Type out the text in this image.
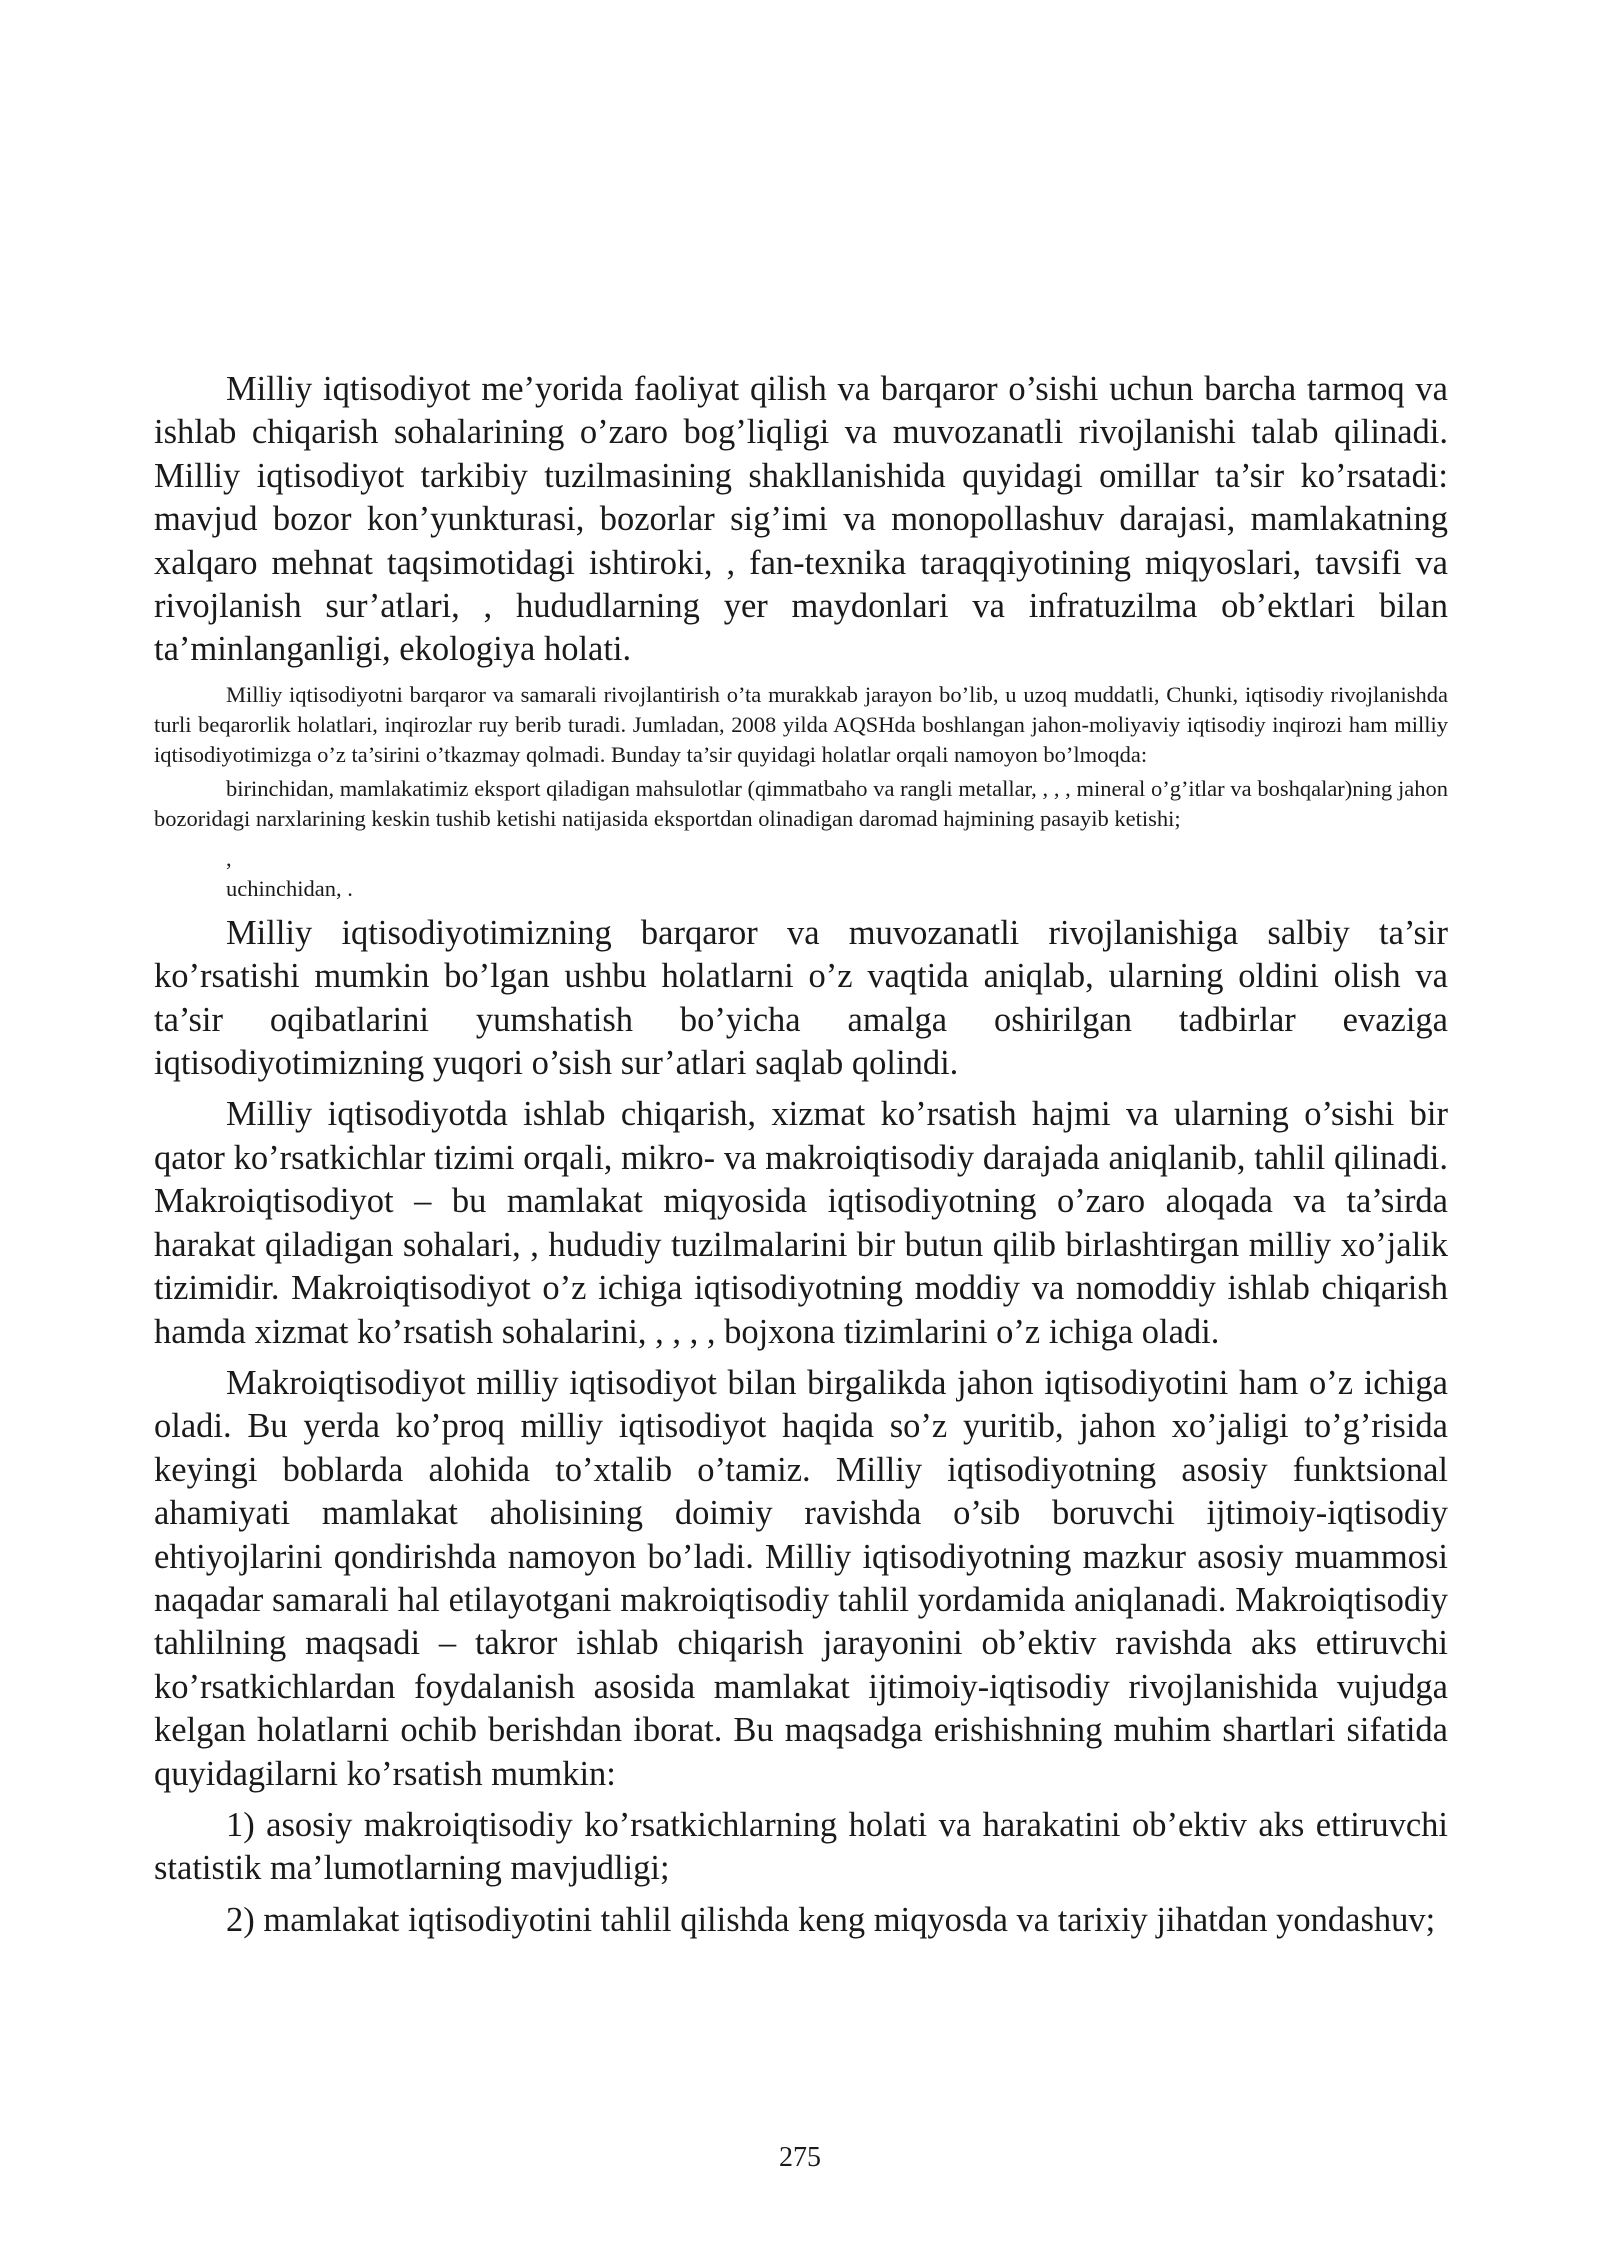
Milliy iqtisodiyot me’yorida faoliyat qilish va barqaror o’sishi uchun barcha tarmoq va ishlab chiqarish sohalarining o’zaro bog’liqligi va muvozanatli rivojlanishi talab qilinadi. Milliy iqtisodiyot tarkibiy tuzilmasining shakllanishida quyidagi omillar ta’sir ko’rsatadi: mavjud bozor kon’yunkturasi, bozorlar sig’imi va monopollashuv darajasi, mamlakatning xalqaro mehnat taqsimotidagi ishtiroki, , fan-texnika taraqqiyotining miqyoslari, tavsifi va rivojlanish sur’atlari, , hududlarning yer maydonlari va infratuzilma ob’ektlari bilan ta’minlanganligi, ekologiya holati.

Milliy iqtisodiyotni barqaror va samarali rivojlantirish o’ta murakkab jarayon bo’lib, u uzoq muddatli, Chunki, iqtisodiy rivojlanishda turli beqarorlik holatlari, inqirozlar ruy berib turadi. Jumladan, 2008 yilda AQSHda boshlangan jahon-moliyaviy iqtisodiy inqirozi ham milliy iqtisodiyotimizga o’z ta’sirini o’tkazmay qolmadi. Bunday ta’sir quyidagi holatlar orqali namoyon bo’lmoqda:

birinchidan, mamlakatimiz eksport qiladigan mahsulotlar (qimmatbaho va rangli metallar, , , , mineral o’g’itlar va boshqalar)ning jahon bozoridagi narxlarining keskin tushib ketishi natijasida eksportdan olinadigan daromad hajmining pasayib ketishi;

,

uchinchidan, .

Milliy iqtisodiyotimizning barqaror va muvozanatli rivojlanishiga salbiy ta’sir ko’rsatishi mumkin bo’lgan ushbu holatlarni o’z vaqtida aniqlab, ularning oldini olish va ta’sir oqibatlarini yumshatish bo’yicha amalga oshirilgan tadbirlar evaziga iqtisodiyotimizning yuqori o’sish sur’atlari saqlab qolindi.

Milliy iqtisodiyotda ishlab chiqarish, xizmat ko’rsatish hajmi va ularning o’sishi bir qator ko’rsatkichlar tizimi orqali, mikro- va makroiqtisodiy darajada aniqlanib, tahlil qilinadi. Makroiqtisodiyot – bu mamlakat miqyosida iqtisodiyotning o’zaro aloqada va ta’sirda harakat qiladigan sohalari, , hududiy tuzilmalarini bir butun qilib birlashtirgan milliy xo’jalik tizimidir. Makroiqtisodiyot o’z ichiga iqtisodiyotning moddiy va nomoddiy ishlab chiqarish hamda xizmat ko’rsatish sohalarini, , , , , bojxona tizimlarini o’z ichiga oladi.

Makroiqtisodiyot milliy iqtisodiyot bilan birgalikda jahon iqtisodiyotini ham o’z ichiga oladi. Bu yerda ko’proq milliy iqtisodiyot haqida so’z yuritib, jahon xo’jaligi to’g’risida keyingi boblarda alohida to’xtalib o’tamiz. Milliy iqtisodiyotning asosiy funktsional ahamiyati mamlakat aholisining doimiy ravishda o’sib boruvchi ijtimoiy-iqtisodiy ehtiyojlarini qondirishda namoyon bo’ladi. Milliy iqtisodiyotning mazkur asosiy muammosi naqadar samarali hal etilayotgani makroiqtisodiy tahlil yordamida aniqlanadi. Makroiqtisodiy tahlilning maqsadi – takror ishlab chiqarish jarayonini ob’ektiv ravishda aks ettiruvchi ko’rsatkichlardan foydalanish asosida mamlakat ijtimoiy-iqtisodiy rivojlanishida vujudga kelgan holatlarni ochib berishdan iborat. Bu maqsadga erishishning muhim shartlari sifatida quyidagilarni ko’rsatish mumkin:

1) asosiy makroiqtisodiy ko’rsatkichlarning holati va harakatini ob’ektiv aks ettiruvchi statistik ma’lumotlarning mavjudligi;

2) mamlakat iqtisodiyotini tahlil qilishda keng miqyosda va tarixiy jihatdan yondashuv;

275
